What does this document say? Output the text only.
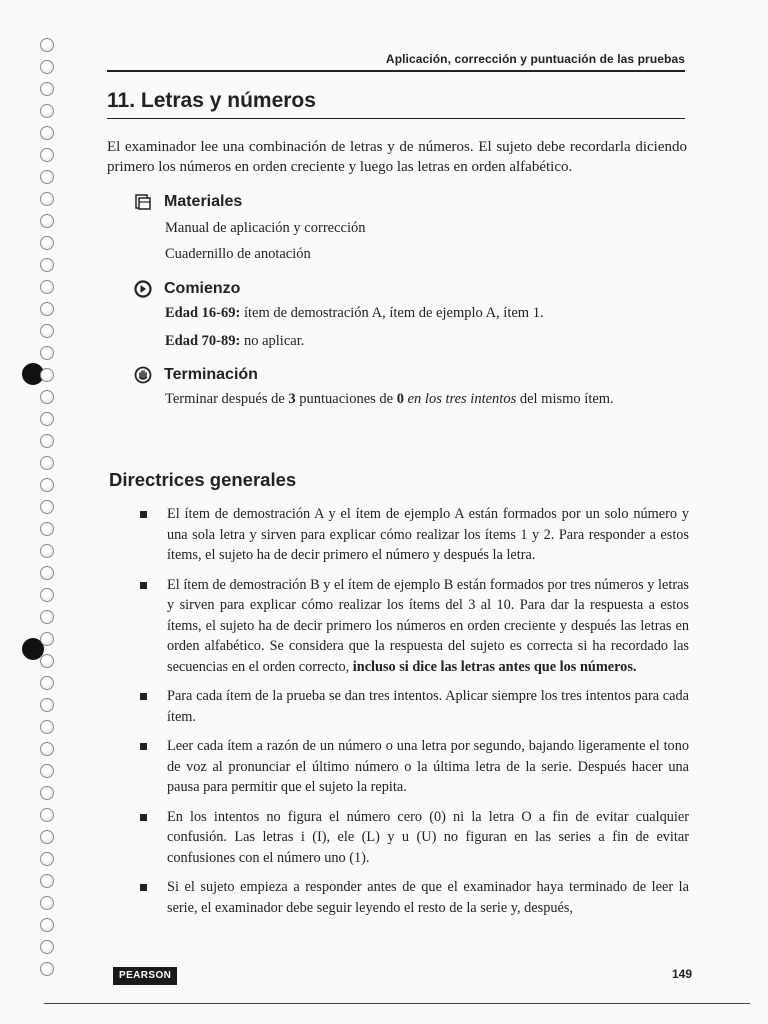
Aplicación, corrección y puntuación de las pruebas
11. Letras y números

El examinador lee una combinación de letras y de números. El sujeto debe recordarla diciendo primero los números en orden creciente y luego las letras en orden alfabético.

Materiales
Manual de aplicación y corrección
Cuadernillo de anotación
Comienzo
Edad 16-69: ítem de demostración A, ítem de ejemplo A, ítem 1.
Edad 70-89: no aplicar.
Terminación

Terminar después de 3 puntuaciones de 0 en los tres intentos del mismo ítem.

Directrices generales
El ítem de demostración A y el ítem de ejemplo A están formados por un solo número y una sola letra y sirven para explicar cómo realizar los ítems 1 y 2. Para responder a estos ítems, el sujeto ha de decir primero el número y después la letra.
El ítem de demostración B y el ítem de ejemplo B están formados por tres números y letras y sirven para explicar cómo realizar los ítems del 3 al 10. Para dar la respuesta a estos ítems, el sujeto ha de decir primero los números en orden creciente y después las letras en orden alfabético. Se considera que la respuesta del sujeto es correcta si ha recordado las secuencias en el orden correcto, incluso si dice las letras antes que los números.
Para cada ítem de la prueba se dan tres intentos. Aplicar siempre los tres intentos para cada ítem.
Leer cada ítem a razón de un número o una letra por segundo, bajando ligeramente el tono de voz al pronunciar el último número o la última letra de la serie. Después hacer una pausa para permitir que el sujeto la repita.
En los intentos no figura el número cero (0) ni la letra O a fin de evitar cualquier confusión. Las letras i (I), ele (L) y u (U) no figuran en las series a fin de evitar confusiones con el número uno (1).
Si el sujeto empieza a responder antes de que el examinador haya terminado de leer la serie, el examinador debe seguir leyendo el resto de la serie y, después,
PEARSON	149
